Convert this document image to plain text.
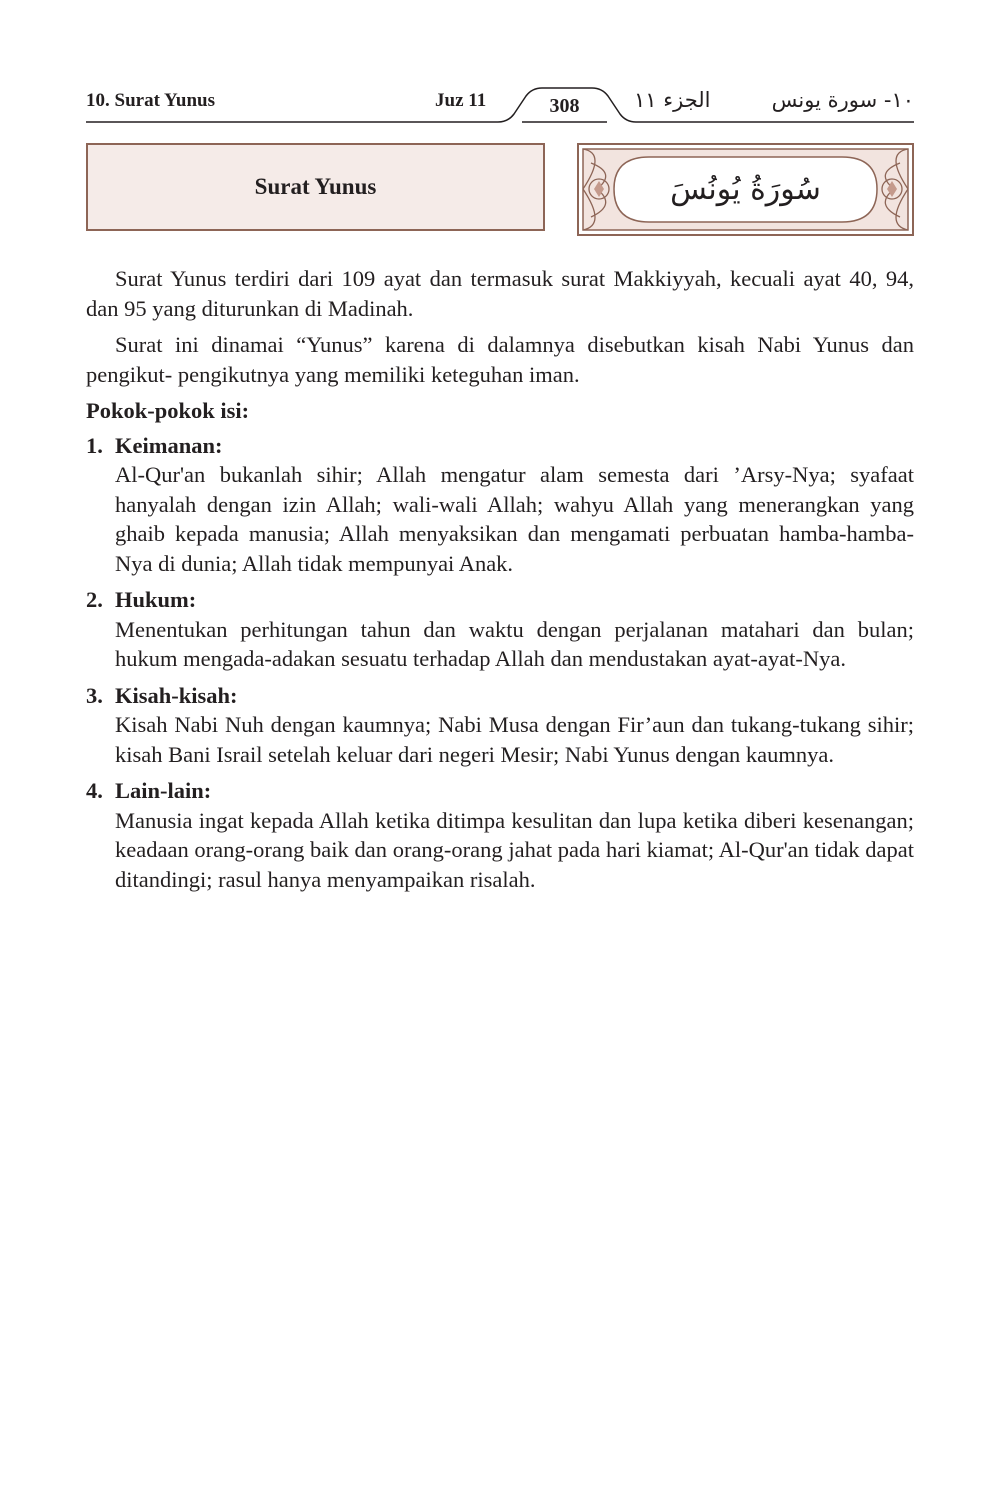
10. Surat Yunus	Juz 11	308	الجزء ١١	١٠- سورة يونس
Surat Yunus	سُورَةُ يُونُسَ

Surat Yunus terdiri dari 109 ayat dan termasuk surat Makkiyyah, kecuali ayat 40, 94, dan 95 yang diturunkan di Madinah.

Surat ini dinamai “Yunus” karena di dalamnya disebutkan kisah Nabi Yunus dan pengikut- pengikutnya yang memiliki keteguhan iman.

Pokok-pokok isi:
1. Keimanan:
Al-Qur'an bukanlah sihir; Allah mengatur alam semesta dari ’Arsy-Nya; syafaat hanyalah dengan izin Allah; wali-wali Allah; wahyu Allah yang menerangkan yang ghaib kepada manusia; Allah menyaksikan dan mengamati perbuatan hamba-hamba-Nya di dunia; Allah tidak mempunyai Anak.
2. Hukum:
Menentukan perhitungan tahun dan waktu dengan perjalanan matahari dan bulan; hukum mengada-adakan sesuatu terhadap Allah dan mendustakan ayat-ayat-Nya.
3. Kisah-kisah:
Kisah Nabi Nuh dengan kaumnya; Nabi Musa dengan Fir’aun dan tukang-tukang sihir; kisah Bani Israil setelah keluar dari negeri Mesir; Nabi Yunus dengan kaumnya.
4. Lain-lain:
Manusia ingat kepada Allah ketika ditimpa kesulitan dan lupa ketika diberi kesenangan; keadaan orang-orang baik dan orang-orang jahat pada hari kiamat; Al-Qur'an tidak dapat ditandingi; rasul hanya menyampaikan risalah.
